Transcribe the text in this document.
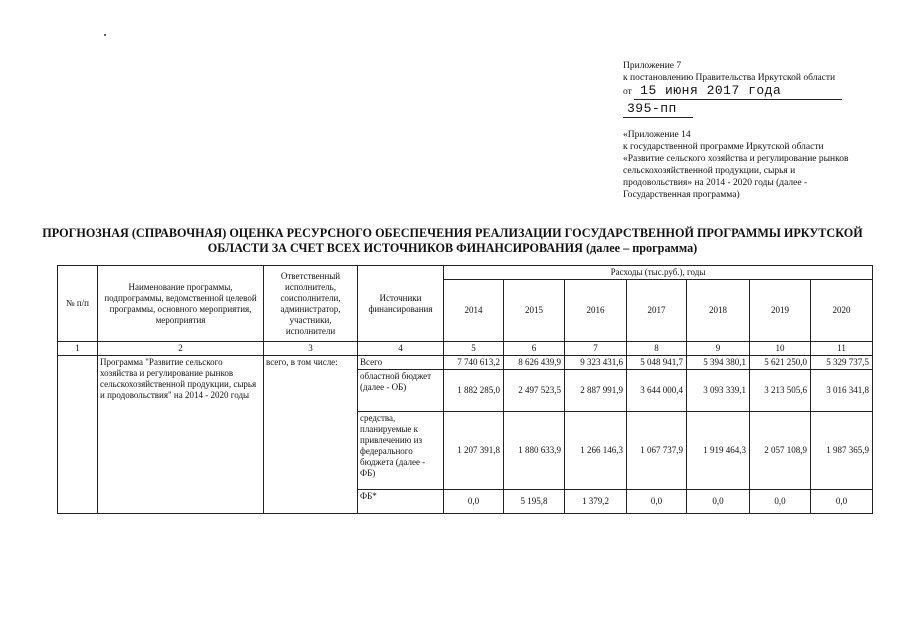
Приложение 7
к постановлению Правительства Иркутской области
от 15 июня 2017 года
395-пп
«Приложение 14
к государственной программе Иркутской области
«Развитие сельского хозяйства и регулирование рынков
сельскохозяйственной продукции, сырья и
продовольствия» на 2014 - 2020 годы (далее -
Государственная программа)
ПРОГНОЗНАЯ (СПРАВОЧНАЯ) ОЦЕНКА РЕСУРСНОГО ОБЕСПЕЧЕНИЯ РЕАЛИЗАЦИИ ГОСУДАРСТВЕННОЙ ПРОГРАММЫ ИРКУТСКОЙ
ОБЛАСТИ ЗА СЧЕТ ВСЕХ ИСТОЧНИКОВ ФИНАНСИРОВАНИЯ (далее – программа)
№ п/п	Наименование программы, подпрограммы, ведомственной целевой программы, основного мероприятия, мероприятия	Ответственный исполнитель, соисполнители, администратор, участники, исполнители	Источники финансирования	Расходы (тыс.руб.), годы						
				2014	2015	2016	2017	2018	2019	2020
1	2	3	4	5	6	7	8	9	10	11
	Программа "Развитие сельского хозяйства и регулирование рынков сельскохозяйственной продукции, сырья и продовольствия" на 2014 - 2020 годы	всего, в том числе:	Всего	7 740 613,2	8 626 439,9	9 323 431,6	5 048 941,7	5 394 380,1	5 621 250,0	5 329 737,5
			областной бюджет (далее - ОБ)	1 882 285,0	2 497 523,5	2 887 991,9	3 644 000,4	3 093 339,1	3 213 505,6	3 016 341,8
			средства, планируемые к привлечению из федерального бюджета (далее - ФБ)	1 207 391,8	1 880 633,9	1 266 146,3	1 067 737,9	1 919 464,3	2 057 108,9	1 987 365,9
			ФБ*	0,0	5 195,8	1 379,2	0,0	0,0	0,0	0,0
